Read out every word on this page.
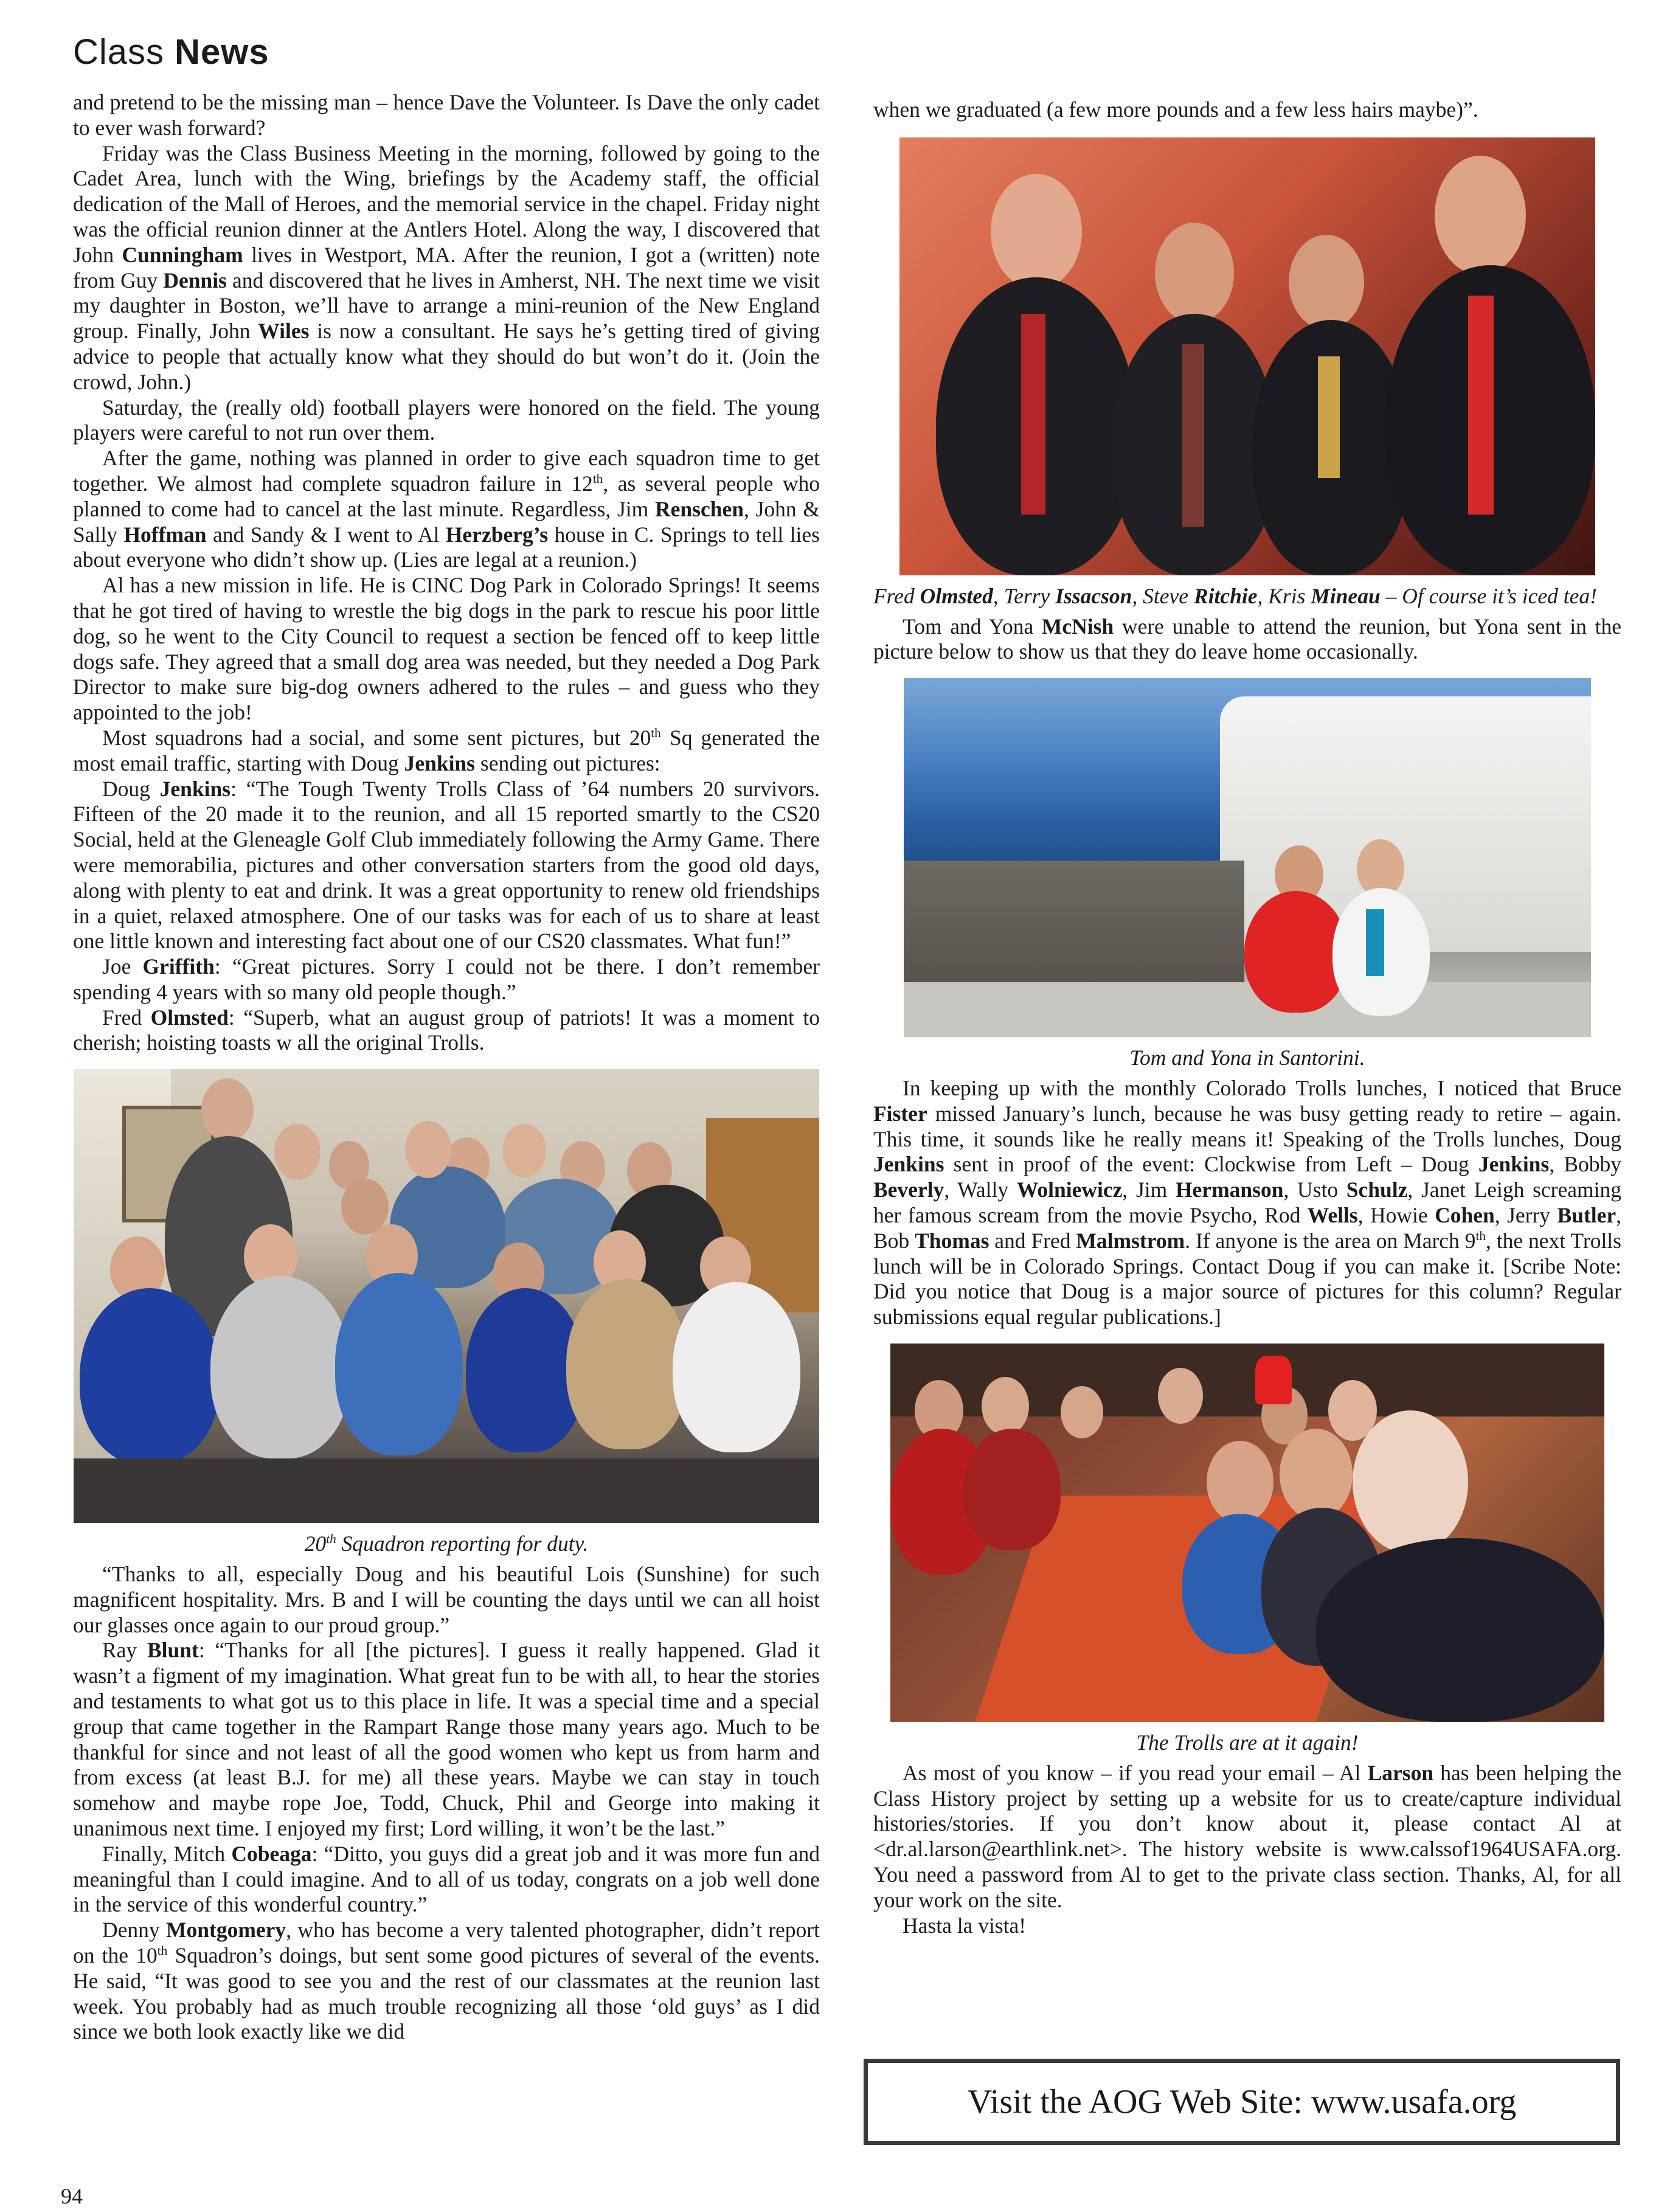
Class News

and pretend to be the missing man – hence Dave the Volunteer. Is Dave the only cadet to ever wash forward?

Friday was the Class Business Meeting in the morning, followed by going to the Cadet Area, lunch with the Wing, briefings by the Academy staff, the official dedication of the Mall of Heroes, and the memorial service in the chapel. Friday night was the official reunion dinner at the Antlers Hotel. Along the way, I discovered that John Cunningham lives in Westport, MA. After the reunion, I got a (written) note from Guy Dennis and discovered that he lives in Amherst, NH. The next time we visit my daughter in Boston, we’ll have to arrange a mini-reunion of the New England group. Finally, John Wiles is now a consultant. He says he’s getting tired of giving advice to people that actually know what they should do but won’t do it. (Join the crowd, John.)

Saturday, the (really old) football players were honored on the field. The young players were careful to not run over them.

After the game, nothing was planned in order to give each squadron time to get together. We almost had complete squadron failure in 12th, as several people who planned to come had to cancel at the last minute. Regardless, Jim Renschen, John & Sally Hoffman and Sandy & I went to Al Herzberg’s house in C. Springs to tell lies about everyone who didn’t show up. (Lies are legal at a reunion.)

Al has a new mission in life. He is CINC Dog Park in Colorado Springs! It seems that he got tired of having to wrestle the big dogs in the park to rescue his poor little dog, so he went to the City Council to request a section be fenced off to keep little dogs safe. They agreed that a small dog area was needed, but they needed a Dog Park Director to make sure big-dog owners adhered to the rules – and guess who they appointed to the job!

Most squadrons had a social, and some sent pictures, but 20th Sq generated the most email traffic, starting with Doug Jenkins sending out pictures:

Doug Jenkins: “The Tough Twenty Trolls Class of ’64 numbers 20 survivors. Fifteen of the 20 made it to the reunion, and all 15 reported smartly to the CS20 Social, held at the Gleneagle Golf Club immediately following the Army Game. There were memorabilia, pictures and other conversation starters from the good old days, along with plenty to eat and drink. It was a great opportunity to renew old friendships in a quiet, relaxed atmosphere. One of our tasks was for each of us to share at least one little known and interesting fact about one of our CS20 classmates. What fun!”

Joe Griffith: “Great pictures. Sorry I could not be there. I don’t remember spending 4 years with so many old people though.”

Fred Olmsted: “Superb, what an august group of patriots! It was a moment to cherish; hoisting toasts w all the original Trolls.

20th Squadron reporting for duty.

“Thanks to all, especially Doug and his beautiful Lois (Sunshine) for such magnificent hospitality. Mrs. B and I will be counting the days until we can all hoist our glasses once again to our proud group.”

Ray Blunt: “Thanks for all [the pictures]. I guess it really happened. Glad it wasn’t a figment of my imagination. What great fun to be with all, to hear the stories and testaments to what got us to this place in life. It was a special time and a special group that came together in the Rampart Range those many years ago. Much to be thankful for since and not least of all the good women who kept us from harm and from excess (at least B.J. for me) all these years. Maybe we can stay in touch somehow and maybe rope Joe, Todd, Chuck, Phil and George into making it unanimous next time. I enjoyed my first; Lord willing, it won’t be the last.”

Finally, Mitch Cobeaga: “Ditto, you guys did a great job and it was more fun and meaningful than I could imagine. And to all of us today, congrats on a job well done in the service of this wonderful country.”

Denny Montgomery, who has become a very talented photographer, didn’t report on the 10th Squadron’s doings, but sent some good pictures of several of the events. He said, “It was good to see you and the rest of our classmates at the reunion last week. You probably had as much trouble recognizing all those ‘old guys’ as I did since we both look exactly like we did

when we graduated (a few more pounds and a few less hairs maybe)”.

Fred Olmsted, Terry Issacson, Steve Ritchie, Kris Mineau – Of course it’s iced tea!

Tom and Yona McNish were unable to attend the reunion, but Yona sent in the picture below to show us that they do leave home occasionally.

Tom and Yona in Santorini.

In keeping up with the monthly Colorado Trolls lunches, I noticed that Bruce Fister missed January’s lunch, because he was busy getting ready to retire – again. This time, it sounds like he really means it! Speaking of the Trolls lunches, Doug Jenkins sent in proof of the event: Clockwise from Left – Doug Jenkins, Bobby Beverly, Wally Wolniewicz, Jim Hermanson, Usto Schulz, Janet Leigh screaming her famous scream from the movie Psycho, Rod Wells, Howie Cohen, Jerry Butler, Bob Thomas and Fred Malmstrom. If anyone is the area on March 9th, the next Trolls lunch will be in Colorado Springs. Contact Doug if you can make it. [Scribe Note: Did you notice that Doug is a major source of pictures for this column? Regular submissions equal regular publications.]

The Trolls are at it again!

As most of you know – if you read your email – Al Larson has been helping the Class History project by setting up a website for us to create/capture individual histories/stories. If you don’t know about it, please contact Al at <dr.al.larson@earthlink.net>. The history website is www.calssof1964USAFA.org. You need a password from Al to get to the private class section. Thanks, Al, for all your work on the site.

Hasta la vista!

Visit the AOG Web Site: www.usafa.org
94
